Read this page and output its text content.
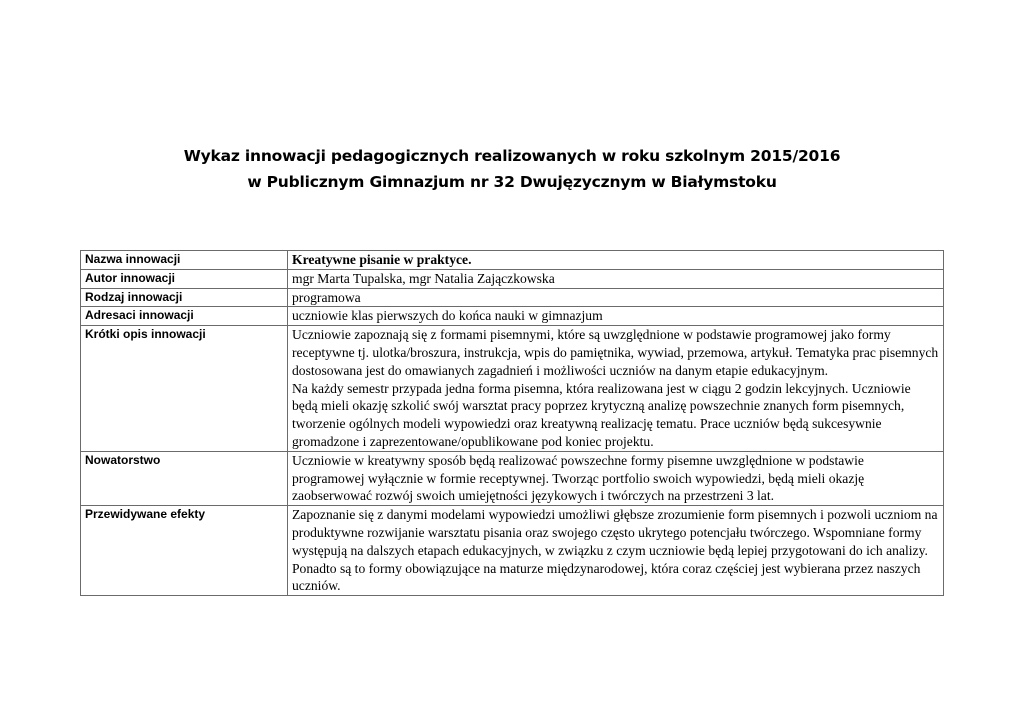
Wykaz innowacji pedagogicznych realizowanych w roku szkolnym 2015/2016
w Publicznym Gimnazjum nr 32 Dwujęzycznym w Białymstoku
Nazwa innowacji	Kreatywne pisanie w praktyce.
Autor innowacji	mgr Marta Tupalska, mgr Natalia Zajączkowska
Rodzaj innowacji	programowa
Adresaci innowacji	uczniowie klas pierwszych do końca nauki w gimnazjum
Krótki opis innowacji	Uczniowie zapoznają się z formami pisemnymi, które są uwzględnione w podstawie programowej jako formy receptywne tj. ulotka/broszura, instrukcja, wpis do pamiętnika, wywiad, przemowa, artykuł. Tematyka prac pisemnych dostosowana jest do omawianych zagadnień i możliwości uczniów na danym etapie edukacyjnym.
Na każdy semestr przypada jedna forma pisemna, która realizowana jest w ciągu 2 godzin lekcyjnych. Uczniowie będą mieli okazję szkolić swój warsztat pracy poprzez krytyczną analizę powszechnie znanych form pisemnych, tworzenie ogólnych modeli wypowiedzi oraz kreatywną realizację tematu. Prace uczniów będą sukcesywnie gromadzone i zaprezentowane/opublikowane pod koniec projektu.

Nowatorstwo	Uczniowie w kreatywny sposób będą realizować powszechne formy pisemne uwzględnione w podstawie programowej wyłącznie w formie receptywnej. Tworząc portfolio swoich wypowiedzi, będą mieli okazję zaobserwować rozwój swoich umiejętności językowych i twórczych na przestrzeni 3 lat.
Przewidywane efekty	Zapoznanie się z danymi modelami wypowiedzi umożliwi głębsze zrozumienie form pisemnych i pozwoli uczniom na produktywne rozwijanie warsztatu pisania oraz swojego często ukrytego potencjału twórczego. Wspomniane formy występują na dalszych etapach edukacyjnych, w związku z czym uczniowie będą lepiej przygotowani do ich analizy. Ponadto są to formy obowiązujące na maturze międzynarodowej, która coraz częściej jest wybierana przez naszych uczniów.
